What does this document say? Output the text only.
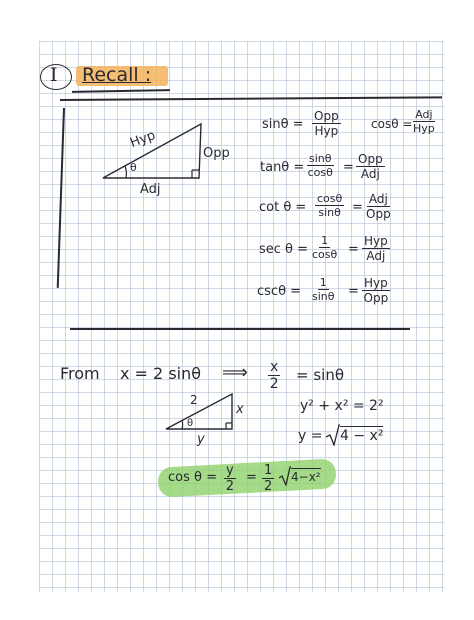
I Recall :
Hyp
Opp
Adj
θ
sinθ =
Opp
Hyp	cosθ =
Adj
Hyp
$\tan\theta = \frac{\sin\theta}{\cos\theta}$ =
Opp
Adj
$\cot \theta = \frac{\cos\theta}{\sin\theta}$ =
Adj
Opp
$\sec \theta = \frac{1}{\cos\theta}$ =
Hyp
Adj
$\csc\theta = \frac{1}{\sin\theta}$ =
Hyp
Opp
From x = 2 sinθ ⟹ $\frac{x}{2} = \sin\theta$
2
x
y
θ
y² + x² = 2²
y = 4 − x²
$\cos \theta = \frac{y}{2} = \frac{1}{2} 4-x^2$
